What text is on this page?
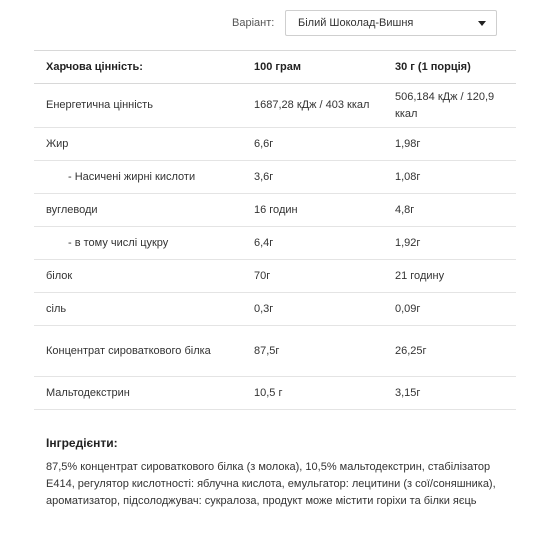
Варіант:	Білий Шоколад-Вишня
Харчова цінність:	100 грам	30 г (1 порція)
Енергетична цінність	1687,28 кДж / 403 ккал	506,184 кДж / 120,9 ккал
Жир	6,6г	1,98г
- Насичені жирні кислоти	3,6г	1,08г
вуглеводи	16 годин	4,8г
- в тому числі цукру	6,4г	1,92г
білок	70г	21 годину
сіль	0,3г	0,09г
Концентрат сироваткового білка	87,5г	26,25г
Мальтодекстрин	10,5 г	3,15г
Інгредієнти:
87,5% концентрат сироваткового білка (з молока), 10,5% мальтодекстрин, стабілізатор Е414, регулятор кислотності: яблучна кислота, емульгатор: лецитини (з сої/соняшника), ароматизатор, підсолоджувач: сукралоза, продукт може містити горіхи та білки яєць
